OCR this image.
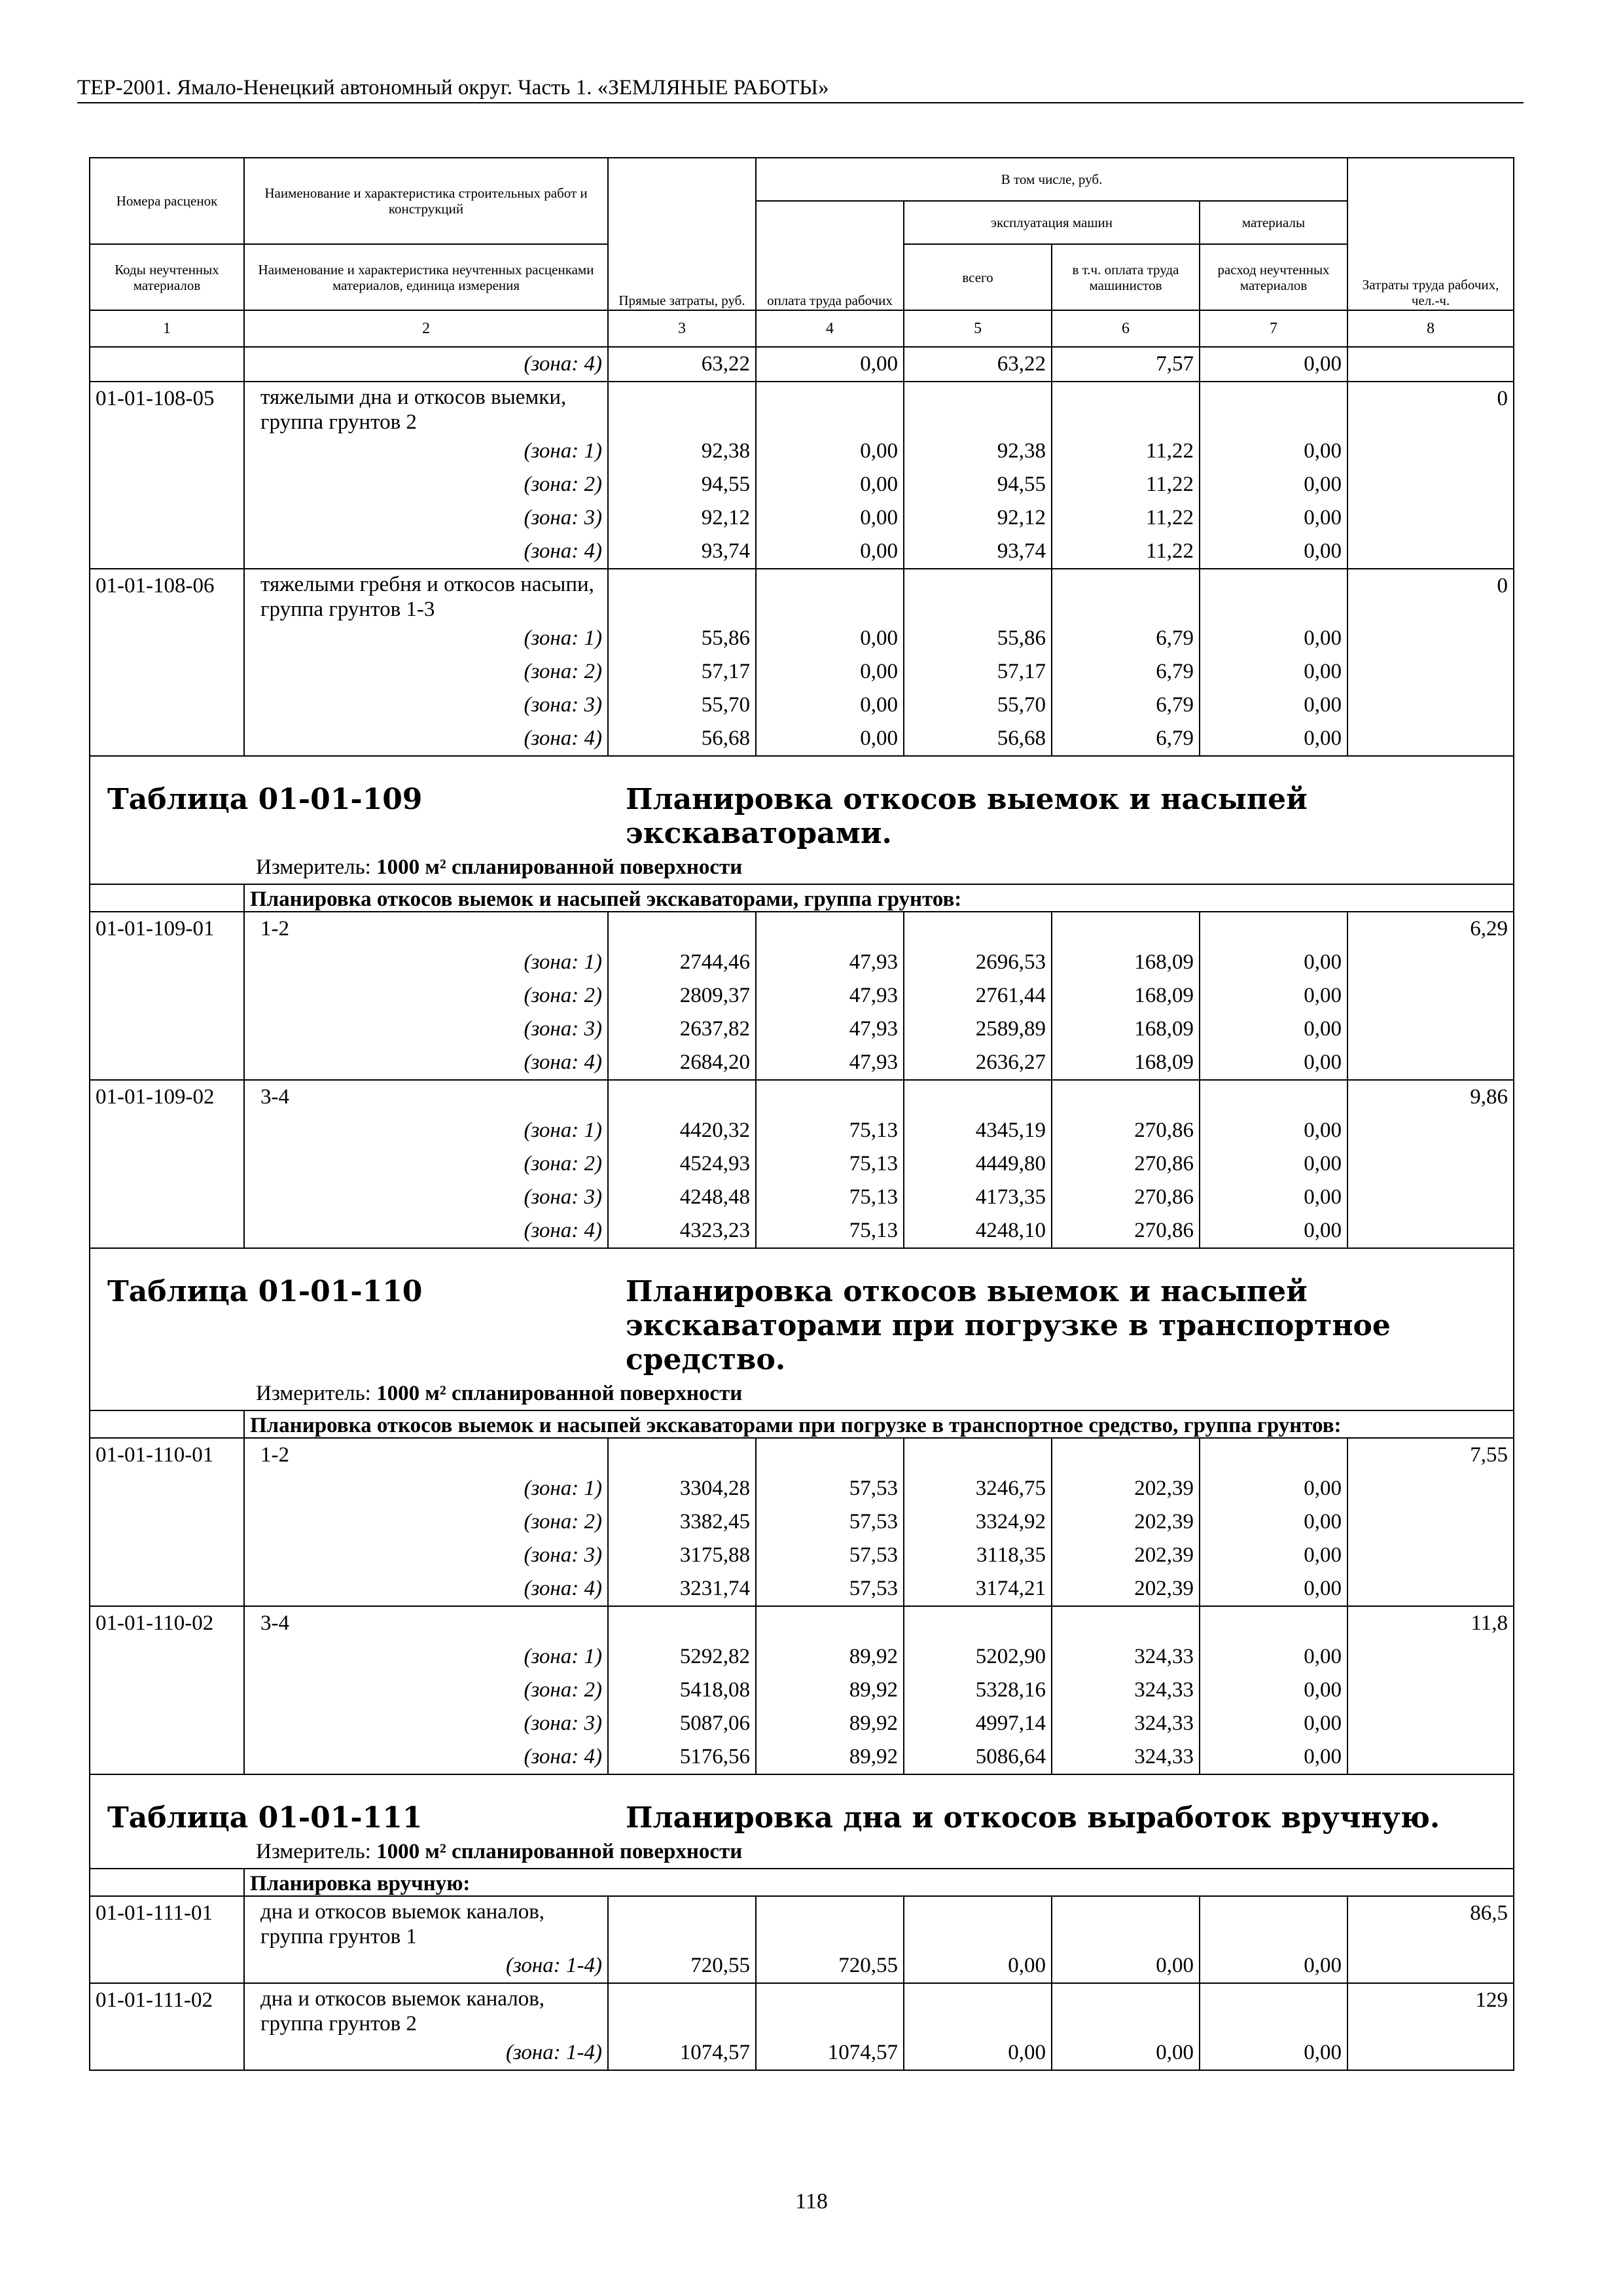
ТЕР-2001. Ямало-Ненецкий автономный округ. Часть 1. «ЗЕМЛЯНЫЕ РАБОТЫ»
Номера расценок	Наименование и характеристика строительных работ и конструкций	Прямые затраты, руб.	В том числе, руб.				Затраты труда рабочих, чел.-ч.
			оплата труда рабочих	эксплуатация машин		материалы	
Коды неучтенных материалов	Наименование и характеристика неучтенных расценками материалов, единица измерения			всего	в т.ч. оплата труда машинистов	расход неучтенных материалов	
1	2	3	4	5	6	7	8
	(зона: 4)	63,22	0,00	63,22	7,57	0,00	
01-01-108-05	тяжелыми дна и откосов выемки, группа грунтов 2						0
	(зона: 1)	92,38	0,00	92,38	11,22	0,00	
	(зона: 2)	94,55	0,00	94,55	11,22	0,00	
	(зона: 3)	92,12	0,00	92,12	11,22	0,00	
	(зона: 4)	93,74	0,00	93,74	11,22	0,00	
01-01-108-06	тяжелыми гребня и откосов насыпи, группа грунтов 1-3						0
	(зона: 1)	55,86	0,00	55,86	6,79	0,00	
	(зона: 2)	57,17	0,00	57,17	6,79	0,00	
	(зона: 3)	55,70	0,00	55,70	6,79	0,00	
	(зона: 4)	56,68	0,00	56,68	6,79	0,00	

Таблица 01-01-109 Планировка откосов выемок и насыпей экскаваторами.
Измеритель: 1000 м² спланированной поверхности							

	Планировка откосов выемок и насыпей экскаваторами, группа грунтов:						
01-01-109-01	1-2						6,29
	(зона: 1)	2744,46	47,93	2696,53	168,09	0,00	
	(зона: 2)	2809,37	47,93	2761,44	168,09	0,00	
	(зона: 3)	2637,82	47,93	2589,89	168,09	0,00	
	(зона: 4)	2684,20	47,93	2636,27	168,09	0,00	
01-01-109-02	3-4						9,86
	(зона: 1)	4420,32	75,13	4345,19	270,86	0,00	
	(зона: 2)	4524,93	75,13	4449,80	270,86	0,00	
	(зона: 3)	4248,48	75,13	4173,35	270,86	0,00	
	(зона: 4)	4323,23	75,13	4248,10	270,86	0,00	

Таблица 01-01-110 Планировка откосов выемок и насыпей экскаваторами при погрузке в транспортное средство.
Измеритель: 1000 м² спланированной поверхности							

	Планировка откосов выемок и насыпей экскаваторами при погрузке в транспортное средство, группа грунтов:						
01-01-110-01	1-2						7,55
	(зона: 1)	3304,28	57,53	3246,75	202,39	0,00	
	(зона: 2)	3382,45	57,53	3324,92	202,39	0,00	
	(зона: 3)	3175,88	57,53	3118,35	202,39	0,00	
	(зона: 4)	3231,74	57,53	3174,21	202,39	0,00	
01-01-110-02	3-4						11,8
	(зона: 1)	5292,82	89,92	5202,90	324,33	0,00	
	(зона: 2)	5418,08	89,92	5328,16	324,33	0,00	
	(зона: 3)	5087,06	89,92	4997,14	324,33	0,00	
	(зона: 4)	5176,56	89,92	5086,64	324,33	0,00	

Таблица 01-01-111 Планировка дна и откосов выработок вручную.
Измеритель: 1000 м² спланированной поверхности							

	Планировка вручную:						
01-01-111-01	дна и откосов выемок каналов, группа грунтов 1						86,5
	(зона: 1-4)	720,55	720,55	0,00	0,00	0,00	
01-01-111-02	дна и откосов выемок каналов, группа грунтов 2						129
	(зона: 1-4)	1074,57	1074,57	0,00	0,00	0,00	
118
